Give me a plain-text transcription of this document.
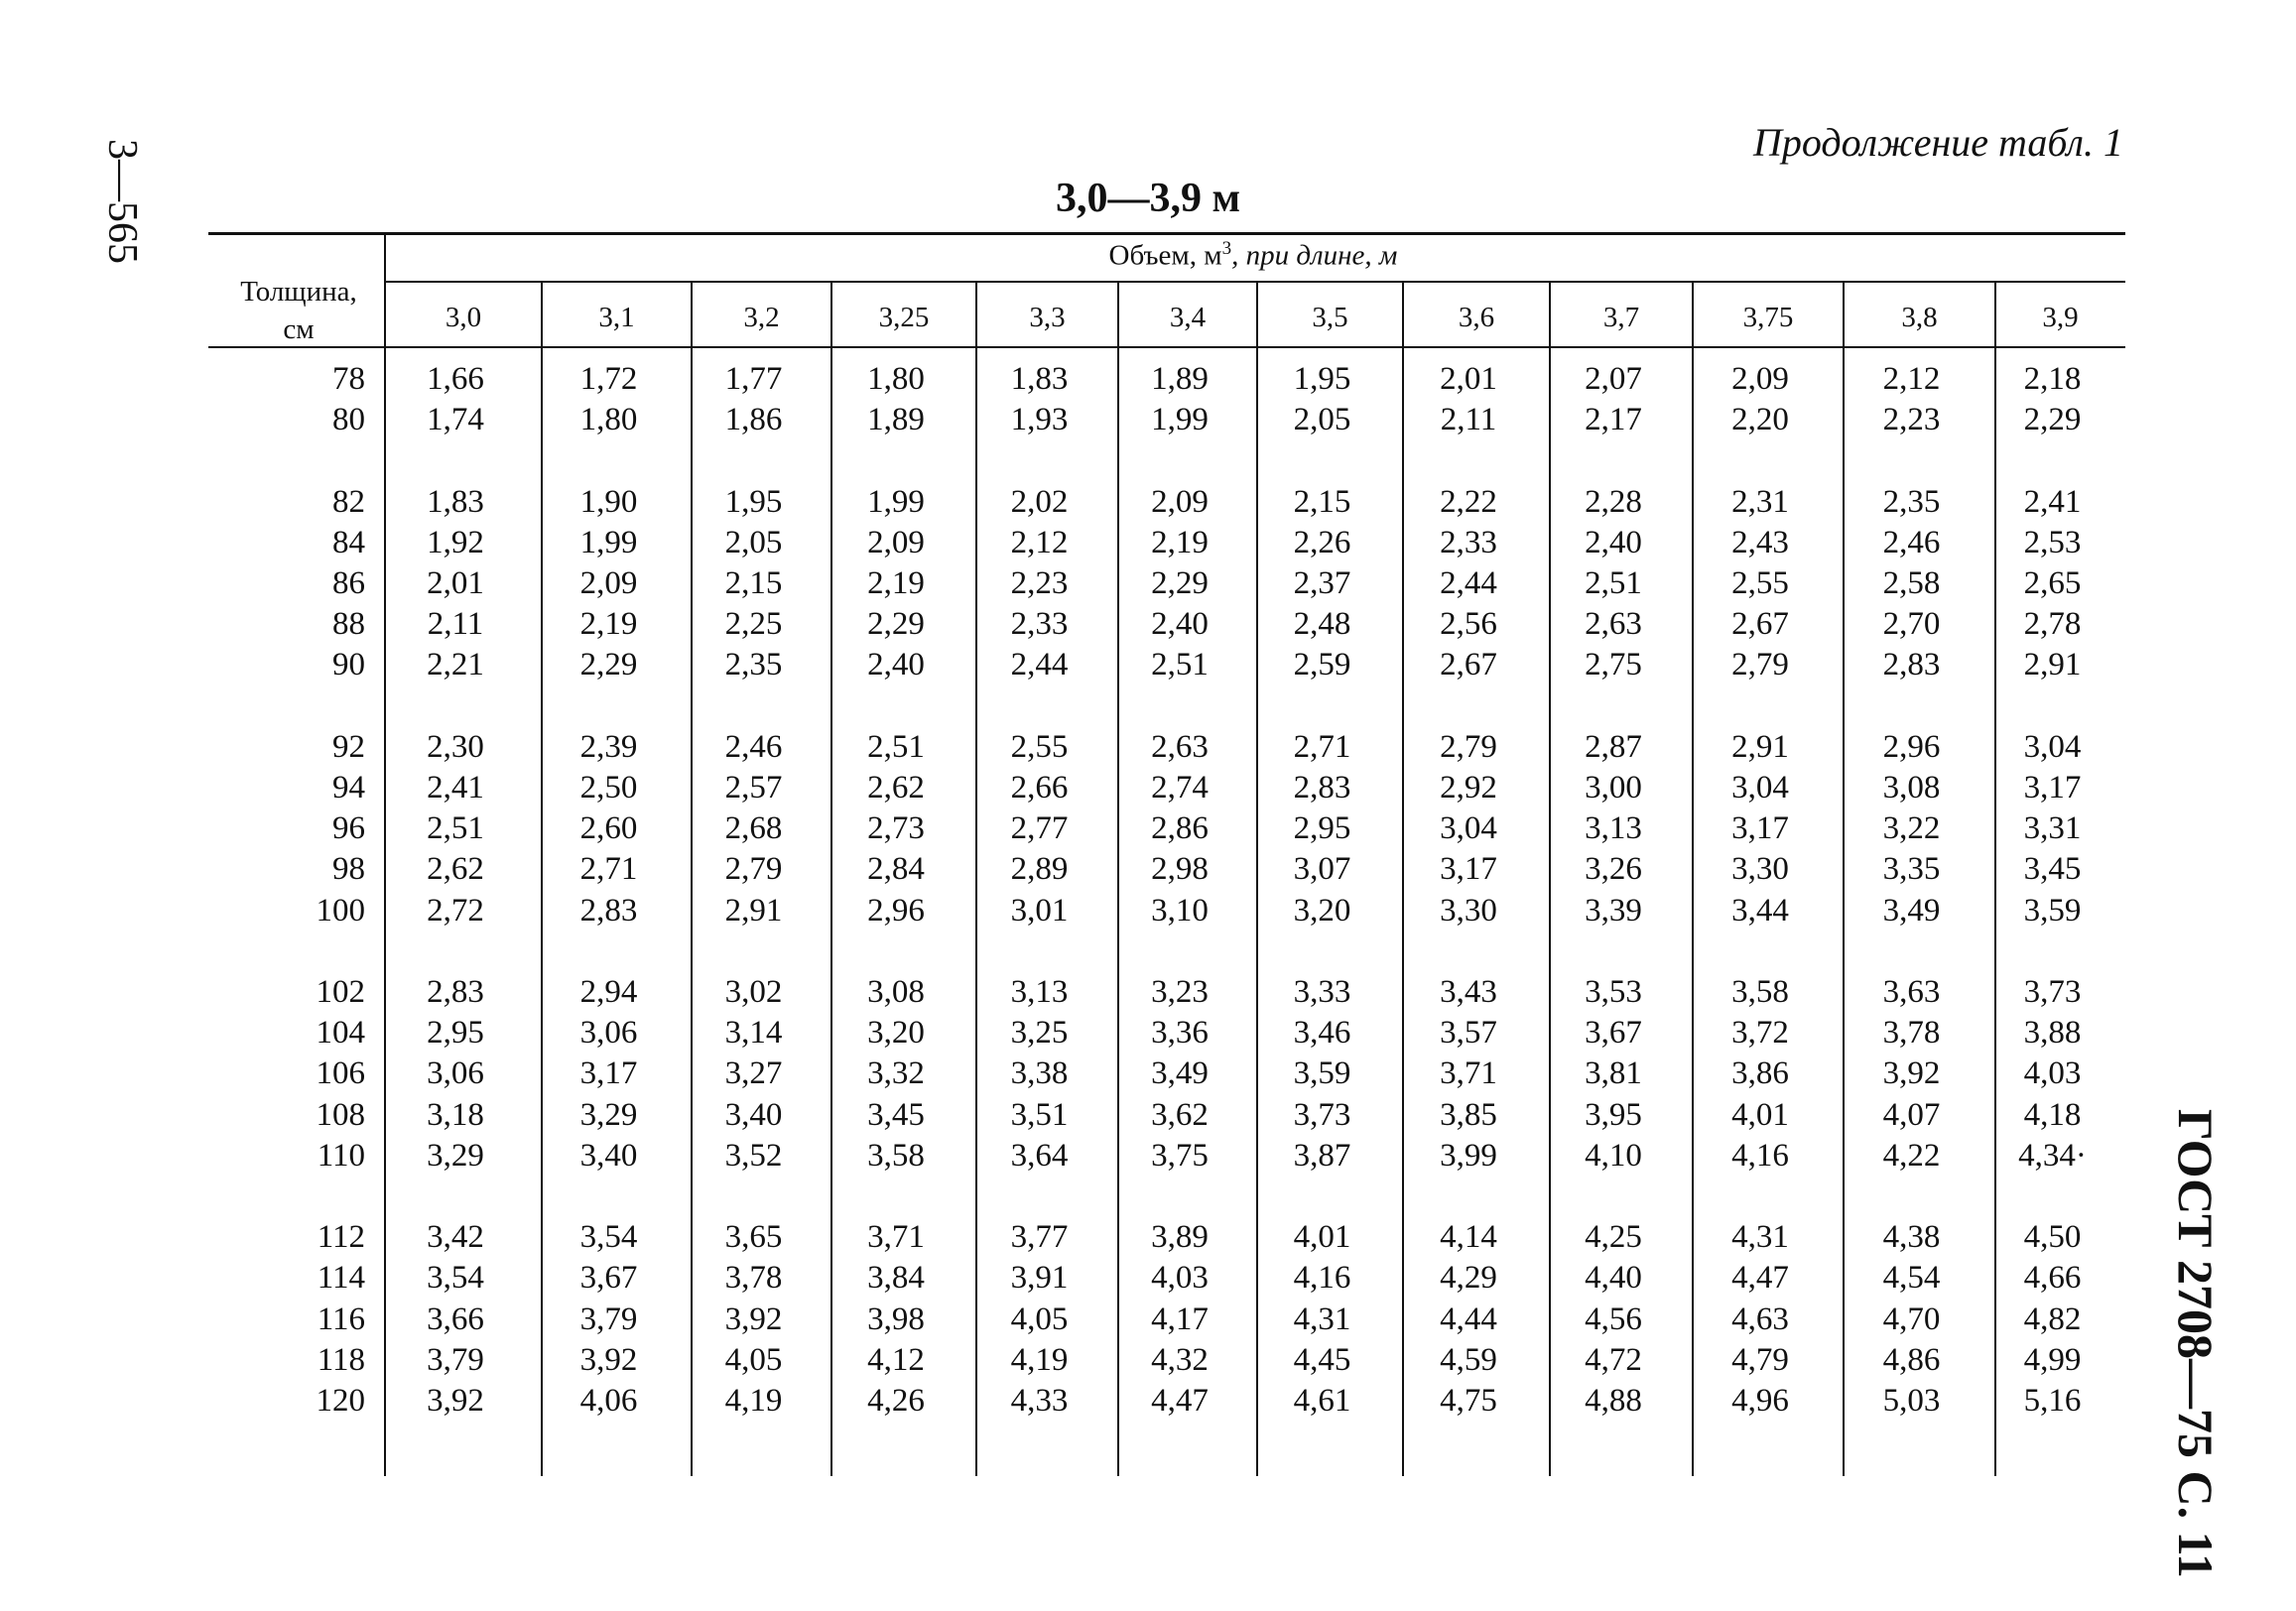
3—565
ГОСТ 2708—75 С. 11
Продолжение табл. 1
3,0—3,9 м
Толщина, см
Объем, $м^3$, при длине, м
3,0	3,1	3,2	3,25	3,3	3,4	3,5	3,6	3,7	3,75	3,8	3,9
78	1,66	1,72	1,77	1,80	1,83	1,89	1,95	2,01	2,07	2,09	2,12	2,18
80	1,74	1,80	1,86	1,89	1,93	1,99	2,05	2,11	2,17	2,20	2,23	2,29
82	1,83	1,90	1,95	1,99	2,02	2,09	2,15	2,22	2,28	2,31	2,35	2,41
84	1,92	1,99	2,05	2,09	2,12	2,19	2,26	2,33	2,40	2,43	2,46	2,53
86	2,01	2,09	2,15	2,19	2,23	2,29	2,37	2,44	2,51	2,55	2,58	2,65
88	2,11	2,19	2,25	2,29	2,33	2,40	2,48	2,56	2,63	2,67	2,70	2,78
90	2,21	2,29	2,35	2,40	2,44	2,51	2,59	2,67	2,75	2,79	2,83	2,91
92	2,30	2,39	2,46	2,51	2,55	2,63	2,71	2,79	2,87	2,91	2,96	3,04
94	2,41	2,50	2,57	2,62	2,66	2,74	2,83	2,92	3,00	3,04	3,08	3,17
96	2,51	2,60	2,68	2,73	2,77	2,86	2,95	3,04	3,13	3,17	3,22	3,31
98	2,62	2,71	2,79	2,84	2,89	2,98	3,07	3,17	3,26	3,30	3,35	3,45
100	2,72	2,83	2,91	2,96	3,01	3,10	3,20	3,30	3,39	3,44	3,49	3,59
102	2,83	2,94	3,02	3,08	3,13	3,23	3,33	3,43	3,53	3,58	3,63	3,73
104	2,95	3,06	3,14	3,20	3,25	3,36	3,46	3,57	3,67	3,72	3,78	3,88
106	3,06	3,17	3,27	3,32	3,38	3,49	3,59	3,71	3,81	3,86	3,92	4,03
108	3,18	3,29	3,40	3,45	3,51	3,62	3,73	3,85	3,95	4,01	4,07	4,18
110	3,29	3,40	3,52	3,58	3,64	3,75	3,87	3,99	4,10	4,16	4,22	4,34·
112	3,42	3,54	3,65	3,71	3,77	3,89	4,01	4,14	4,25	4,31	4,38	4,50
114	3,54	3,67	3,78	3,84	3,91	4,03	4,16	4,29	4,40	4,47	4,54	4,66
116	3,66	3,79	3,92	3,98	4,05	4,17	4,31	4,44	4,56	4,63	4,70	4,82
118	3,79	3,92	4,05	4,12	4,19	4,32	4,45	4,59	4,72	4,79	4,86	4,99
120	3,92	4,06	4,19	4,26	4,33	4,47	4,61	4,75	4,88	4,96	5,03	5,16
